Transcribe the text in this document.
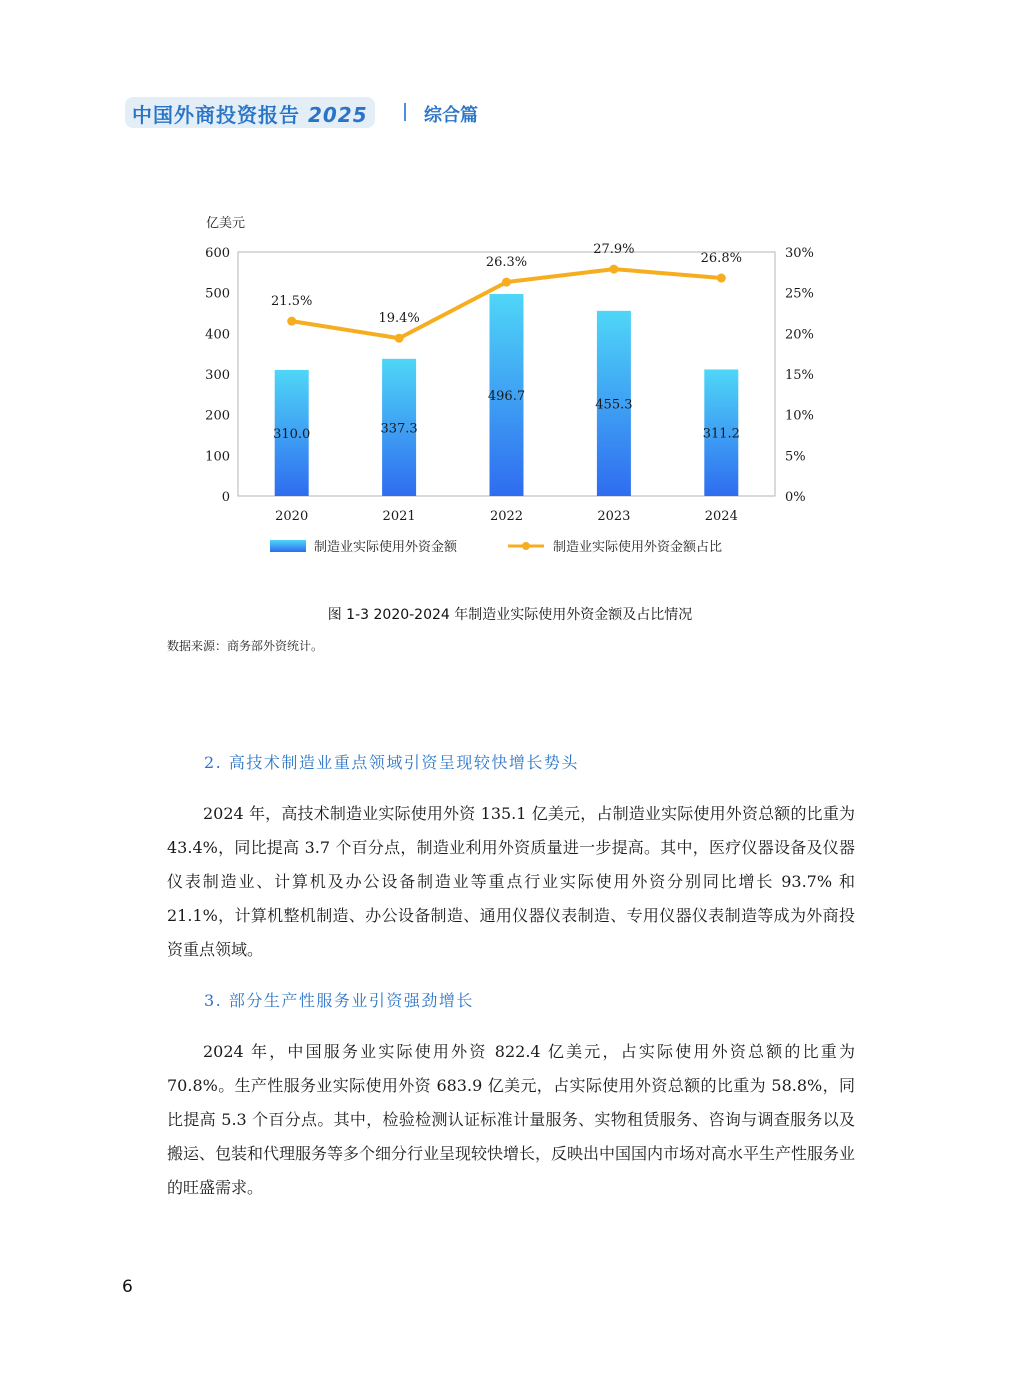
中国外商投资报告 2025	综合篇
310.0	337.3
496.7
455.3
311.2
21.5%
19.4%
26.3%
27.9%
26.8%
0
100
200
300
400
500
600
0%
5%
10%
15%
20%
25%
30%
2020	2021	2022	2023	2024
亿美元
制造业实际使用外资金额	制造业实际使用外资金额占比
图 1-3 2020-2024 年制造业实际使用外资金额及占比情况
数据来源：商务部外资统计。
2. 高技术制造业重点领域引资呈现较快增长势头
2024 年，高技术制造业实际使用外资 135.1 亿美元，占制造业实际使用外资总额的比重为 43.4%，同比提高 3.7 个百分点，制造业利用外资质量进一步提高。其中，医疗仪器设备及仪器仪表制造业、计算机及办公设备制造业等重点行业实际使用外资分别同比增长 93.7% 和 21.1%，计算机整机制造、办公设备制造、通用仪器仪表制造、专用仪器仪表制造等成为外商投资重点领域。
3. 部分生产性服务业引资强劲增长
2024 年，中国服务业实际使用外资 822.4 亿美元，占实际使用外资总额的比重为 70.8%。生产性服务业实际使用外资 683.9 亿美元，占实际使用外资总额的比重为 58.8%，同比提高 5.3 个百分点。其中，检验检测认证标准计量服务、实物租赁服务、咨询与调查服务以及搬运、包装和代理服务等多个细分行业呈现较快增长，反映出中国国内市场对高水平生产性服务业的旺盛需求。
6
